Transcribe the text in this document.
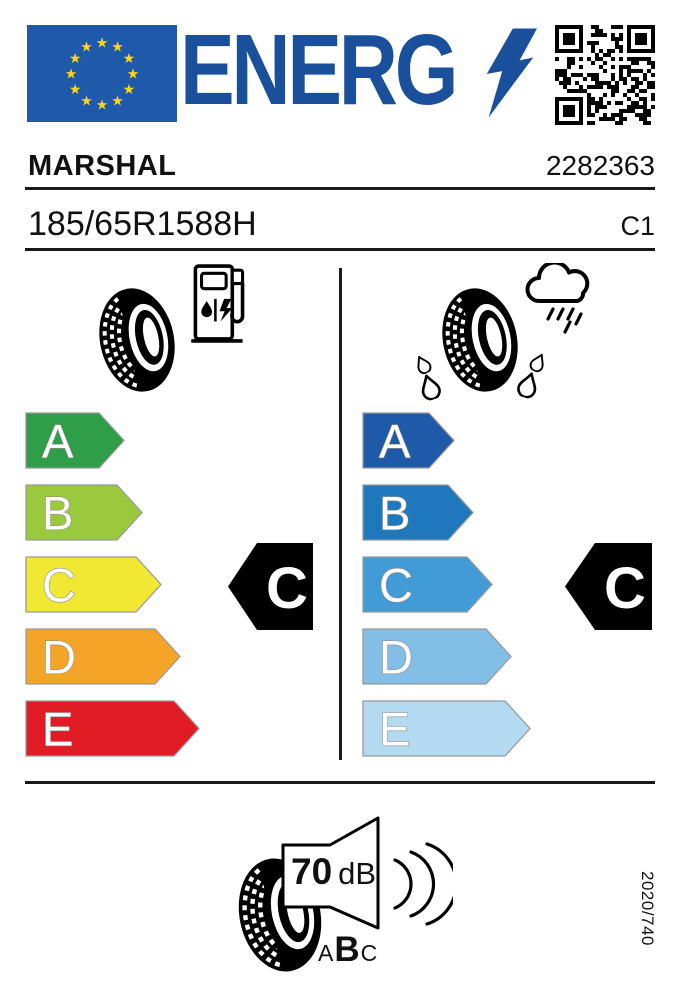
★ ★
★
★
★
★
★
★
★
★
★
★ ENERG
MARSHAL	2282363
185/65R1588H	C1
A
B
C
D
E
A
B
C
D
E
C	C
70 dB
A B C
2020/740
